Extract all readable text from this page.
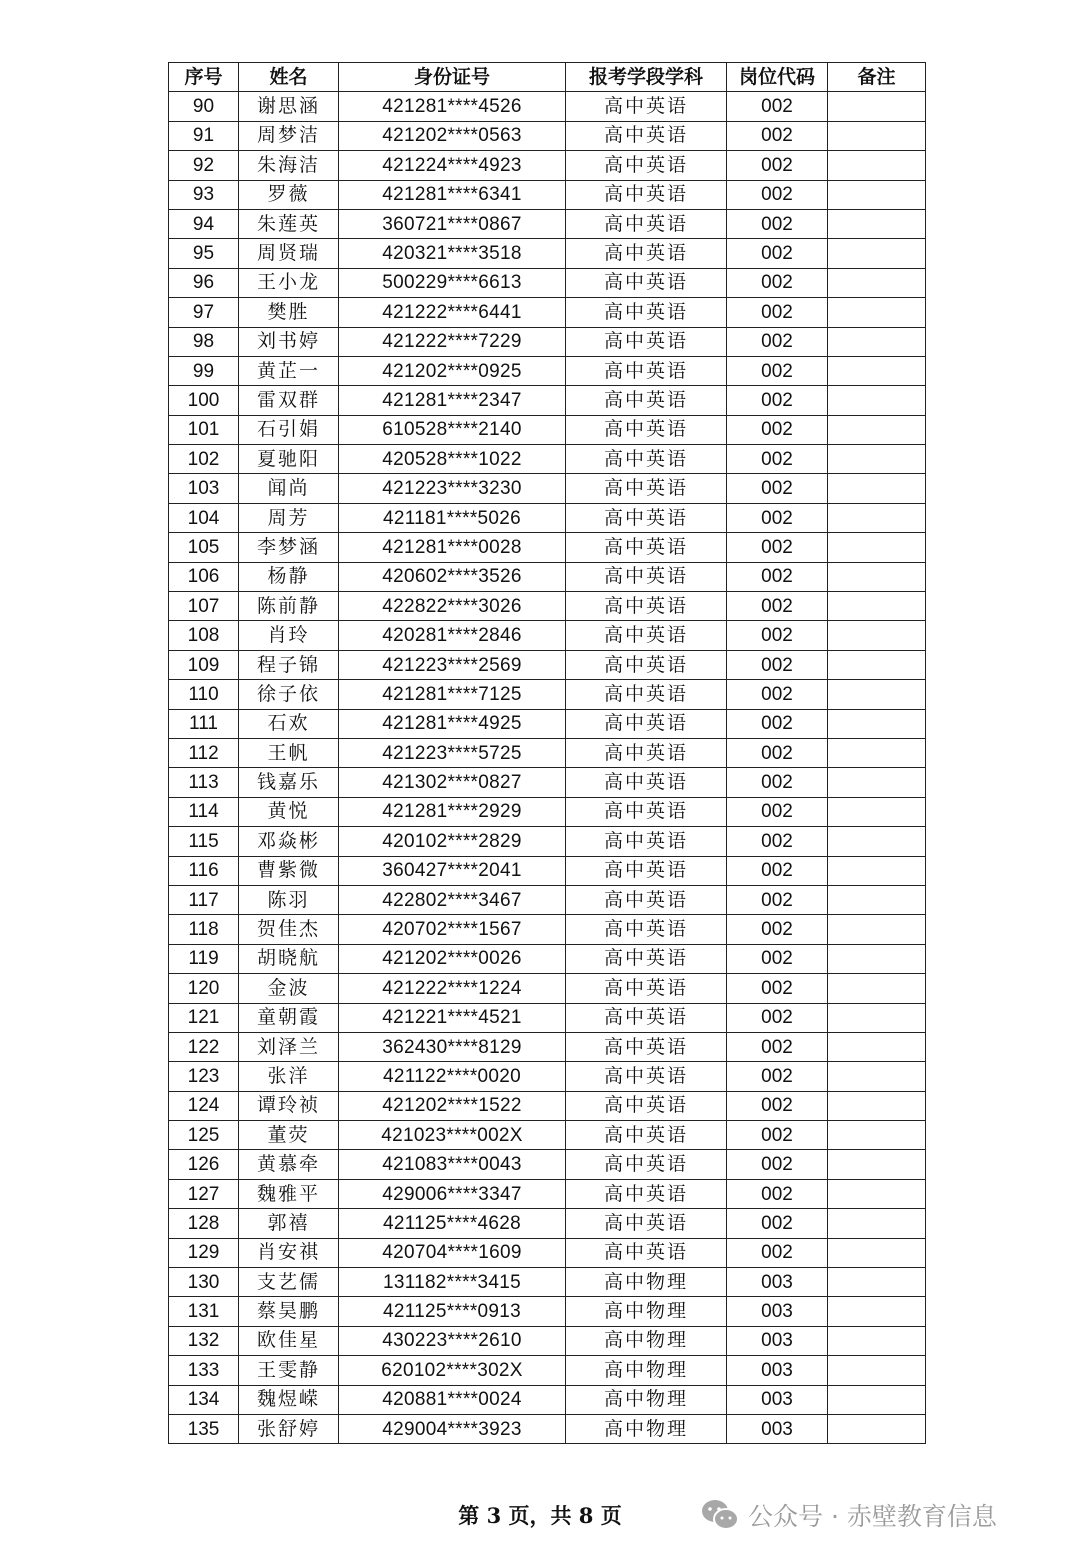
序号	姓名	身份证号	报考学段学科	岗位代码	备注
90	谢思涵	421281****4526	高中英语	002	
91	周梦洁	421202****0563	高中英语	002	
92	朱海洁	421224****4923	高中英语	002	
93	罗薇	421281****6341	高中英语	002	
94	朱莲英	360721****0867	高中英语	002	
95	周贤瑞	420321****3518	高中英语	002	
96	王小龙	500229****6613	高中英语	002	
97	樊胜	421222****6441	高中英语	002	
98	刘书婷	421222****7229	高中英语	002	
99	黄芷一	421202****0925	高中英语	002	
100	雷双群	421281****2347	高中英语	002	
101	石引娟	610528****2140	高中英语	002	
102	夏驰阳	420528****1022	高中英语	002	
103	闻尚	421223****3230	高中英语	002	
104	周芳	421181****5026	高中英语	002	
105	李梦涵	421281****0028	高中英语	002	
106	杨静	420602****3526	高中英语	002	
107	陈前静	422822****3026	高中英语	002	
108	肖玲	420281****2846	高中英语	002	
109	程子锦	421223****2569	高中英语	002	
110	徐子依	421281****7125	高中英语	002	
111	石欢	421281****4925	高中英语	002	
112	王帆	421223****5725	高中英语	002	
113	钱嘉乐	421302****0827	高中英语	002	
114	黄悦	421281****2929	高中英语	002	
115	邓焱彬	420102****2829	高中英语	002	
116	曹紫微	360427****2041	高中英语	002	
117	陈羽	422802****3467	高中英语	002	
118	贺佳杰	420702****1567	高中英语	002	
119	胡晓航	421202****0026	高中英语	002	
120	金波	421222****1224	高中英语	002	
121	童朝霞	421221****4521	高中英语	002	
122	刘泽兰	362430****8129	高中英语	002	
123	张洋	421122****0020	高中英语	002	
124	谭玲祯	421202****1522	高中英语	002	
125	董荧	421023****002X	高中英语	002	
126	黄慕牵	421083****0043	高中英语	002	
127	魏雅平	429006****3347	高中英语	002	
128	郭禧	421125****4628	高中英语	002	
129	肖安祺	420704****1609	高中英语	002	
130	支艺儒	131182****3415	高中物理	003	
131	蔡昊鹏	421125****0913	高中物理	003	
132	欧佳星	430223****2610	高中物理	003	
133	王雯静	620102****302X	高中物理	003	
134	魏煜嵘	420881****0024	高中物理	003	
135	张舒婷	429004****3923	高中物理	003	
第 3 页，共 8 页	公众号 · 赤壁教育信息
